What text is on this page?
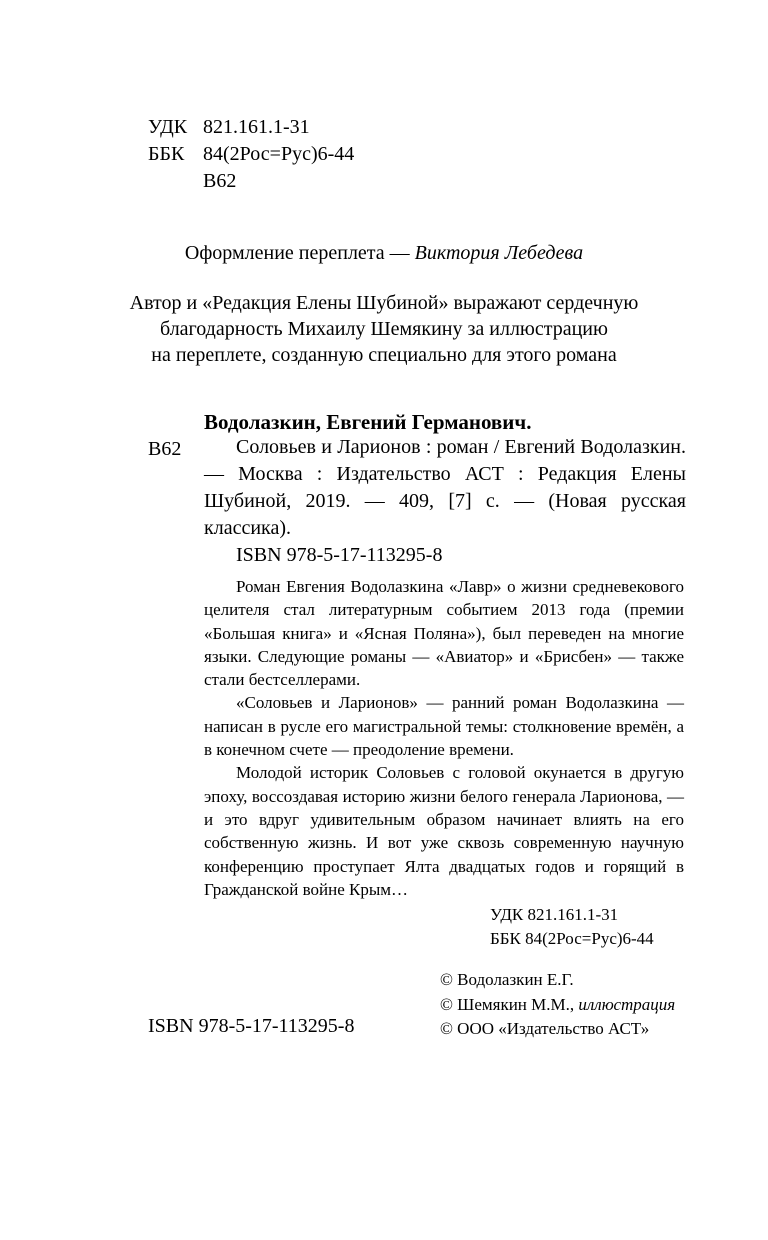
УДК 821.161.1-31
ББК 84(2Рос=Рус)6-44
В62
Оформление переплета — Виктория Лебедева
Автор и «Редакция Елены Шубиной» выражают сердечную
благодарность Михаилу Шемякину за иллюстрацию
на переплете, созданную специально для этого романа
Водолазкин, Евгений Германович.
В62	Соловьев и Ларионов : роман / Евгений Водолазкин. — Москва : Издательство АСТ : Редакция Елены Шубиной, 2019. — 409, [7] с. — (Новая русская классика).
ISBN 978-5-17-113295-8

Роман Евгения Водолазкина «Лавр» о жизни средневекового целителя стал литературным событием 2013 года (премии «Большая книга» и «Ясная Поляна»), был переведен на многие языки. Следующие романы — «Авиатор» и «Брисбен» — также стали бестселлерами.

«Соловьев и Ларионов» — ранний роман Водолазкина — написан в русле его магистральной темы: столкновение времён, а в конечном счете — преодоление времени.

Молодой историк Соловьев с головой окунается в другую эпоху, воссоздавая историю жизни белого генерала Ларионова, — и это вдруг удивительным образом начинает влиять на его собственную жизнь. И вот уже сквозь современную научную конференцию проступает Ялта двадцатых годов и горящий в Гражданской войне Крым…

УДК 821.161.1-31
ББК 84(2Рос=Рус)6-44
© Водолазкин Е.Г.
© Шемякин М.М., иллюстрация
© ООО «Издательство АСТ»
ISBN 978-5-17-113295-8
